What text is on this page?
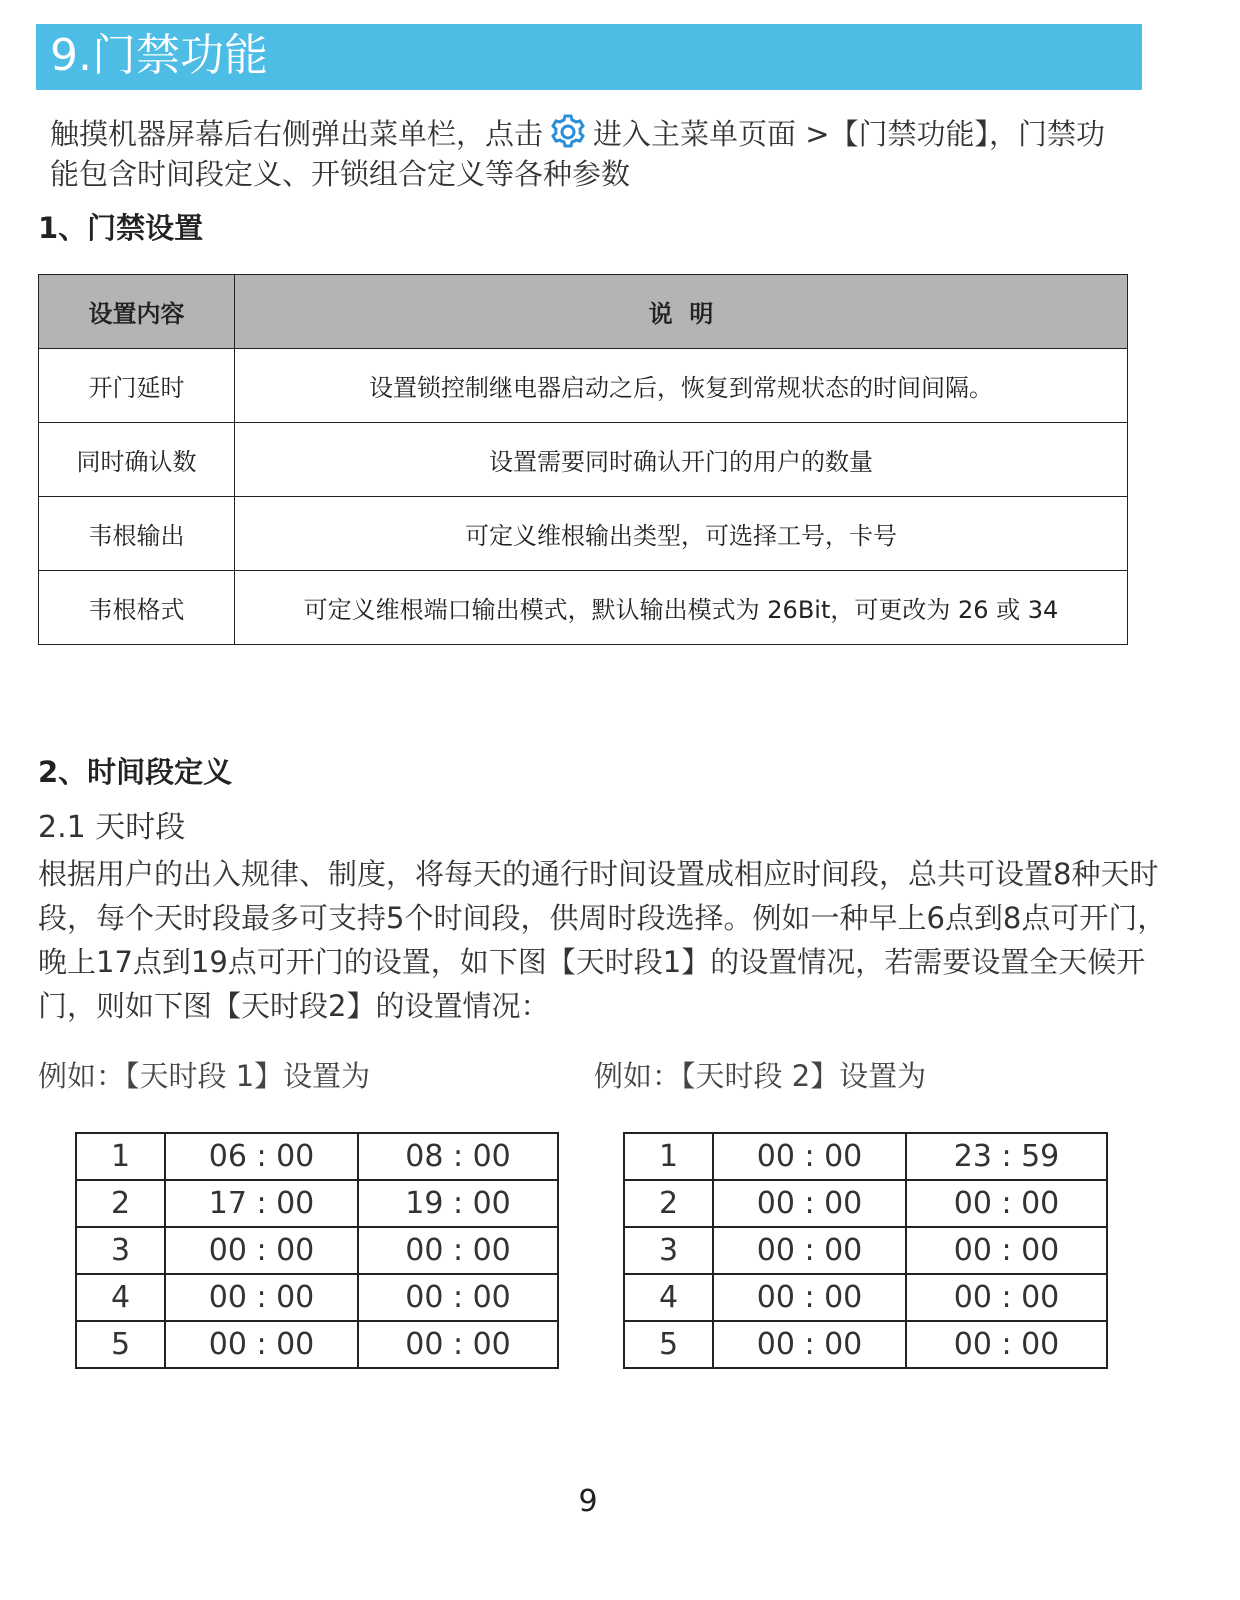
9.门禁功能
触摸机器屏幕后右侧弹出菜单栏，点击 进入主菜单页面 >【门禁功能】，门禁功能包含时间段定义、开锁组合定义等各种参数
1、门禁设置
设置内容	说  明
开门延时	设置锁控制继电器启动之后，恢复到常规状态的时间间隔。
同时确认数	设置需要同时确认开门的用户的数量
韦根输出	可定义维根输出类型，可选择工号，卡号
韦根格式	可定义维根端口输出模式，默认输出模式为 26Bit，可更改为 26 或 34
2、时间段定义
2.1 天时段
根据用户的出入规律、制度，将每天的通行时间设置成相应时间段，总共可设置8种天时段，每个天时段最多可支持5个时间段，供周时段选择。例如一种早上6点到8点可开门，晚上17点到19点可开门的设置，如下图【天时段1】的设置情况，若需要设置全天候开门，则如下图【天时段2】的设置情况：
例如：【天时段 1】设置为	例如：【天时段 2】设置为
1	06 : 00	08 : 00
2	17 : 00	19 : 00
3	00 : 00	00 : 00
4	00 : 00	00 : 00
5	00 : 00	00 : 00
1	00 : 00	23 : 59
2	00 : 00	00 : 00
3	00 : 00	00 : 00
4	00 : 00	00 : 00
5	00 : 00	00 : 00
9
